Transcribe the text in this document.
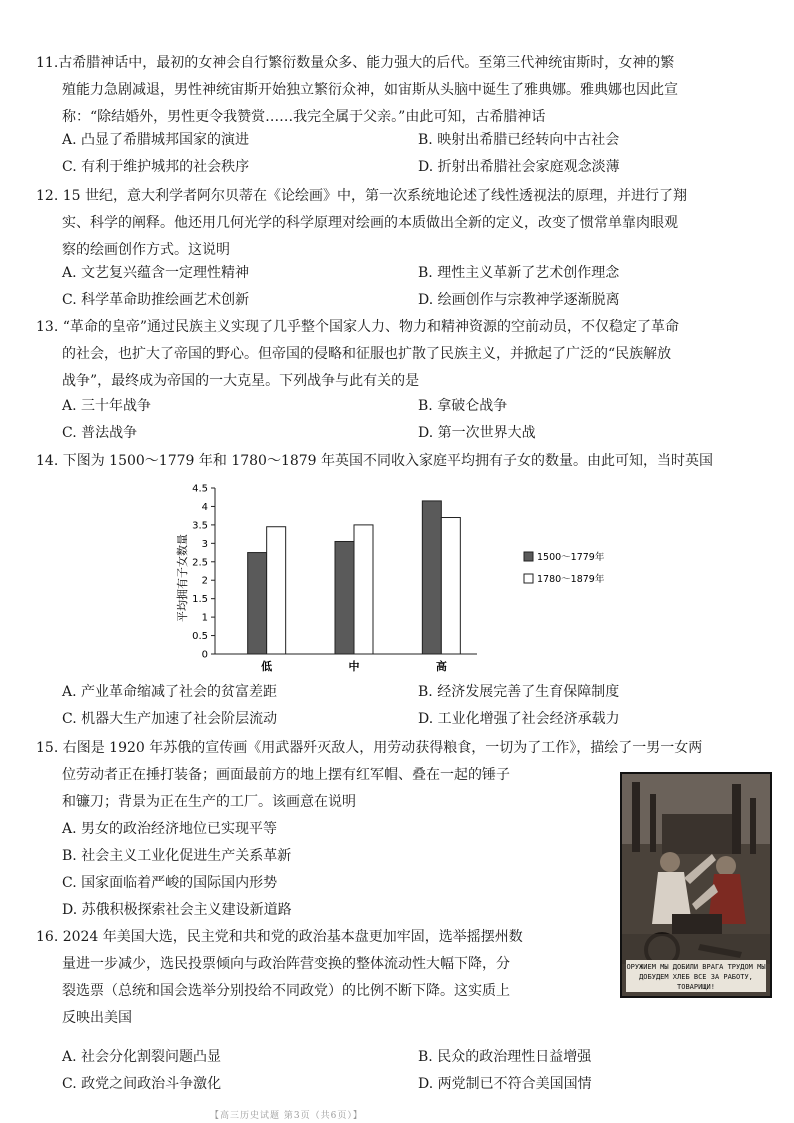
11.古希腊神话中，最初的女神会自行繁衍数量众多、能力强大的后代。至第三代神统宙斯时，女神的繁

殖能力急剧减退，男性神统宙斯开始独立繁衍众神，如宙斯从头脑中诞生了雅典娜。雅典娜也因此宣

称：“除结婚外，男性更令我赞赏……我完全属于父亲。”由此可知，古希腊神话

A. 凸显了希腊城邦国家的演进	B. 映射出希腊已经转向中古社会
C. 有利于维护城邦的社会秩序	D. 折射出希腊社会家庭观念淡薄

12. 15 世纪，意大利学者阿尔贝蒂在《论绘画》中，第一次系统地论述了线性透视法的原理，并进行了翔

实、科学的阐释。他还用几何光学的科学原理对绘画的本质做出全新的定义，改变了惯常单靠肉眼观

察的绘画创作方式。这说明

A. 文艺复兴蕴含一定理性精神	B. 理性主义革新了艺术创作理念
C. 科学革命助推绘画艺术创新	D. 绘画创作与宗教神学逐渐脱离

13. “革命的皇帝”通过民族主义实现了几乎整个国家人力、物力和精神资源的空前动员，不仅稳定了革命

的社会，也扩大了帝国的野心。但帝国的侵略和征服也扩散了民族主义，并掀起了广泛的“民族解放

战争”，最终成为帝国的一大克星。下列战争与此有关的是

A. 三十年战争	B. 拿破仑战争
C. 普法战争	D. 第一次世界大战

14. 下图为 1500～1779 年和 1780～1879 年英国不同收入家庭平均拥有子女的数量。由此可知，当时英国

平均拥有子女数量
0
0.5
1
1.5
2
2.5
3
3.5
4
4.5
低	中	高
1500～1779年
1780～1879年
A. 产业革命缩减了社会的贫富差距	B. 经济发展完善了生育保障制度
C. 机器大生产加速了社会阶层流动	D. 工业化增强了社会经济承载力

15. 右图是 1920 年苏俄的宣传画《用武器歼灭敌人，用劳动获得粮食，一切为了工作》，描绘了一男一女两

位劳动者正在捶打装备；画面最前方的地上摆有红军帽、叠在一起的锤子

和镰刀；背景为正在生产的工厂。该画意在说明

A. 男女的政治经济地位已实现平等
B. 社会主义工业化促进生产关系革新
C. 国家面临着严峻的国际国内形势
D. 苏俄积极探索社会主义建设新道路
ОРУЖИЕМ МЫ ДОБИЛИ ВРАГА ТРУДОМ МЫ ДОБУДЕМ ХЛЕБ ВСЕ ЗА РАБОТУ, ТОВАРИЩИ!

16. 2024 年美国大选，民主党和共和党的政治基本盘更加牢固，选举摇摆州数

量进一步减少，选民投票倾向与政治阵营变换的整体流动性大幅下降，分

裂选票（总统和国会选举分别投给不同政党）的比例不断下降。这实质上

反映出美国

A. 社会分化割裂问题凸显	B. 民众的政治理性日益增强
C. 政党之间政治斗争激化	D. 两党制已不符合美国国情
【高三历史试题 第3页（共6页）】
